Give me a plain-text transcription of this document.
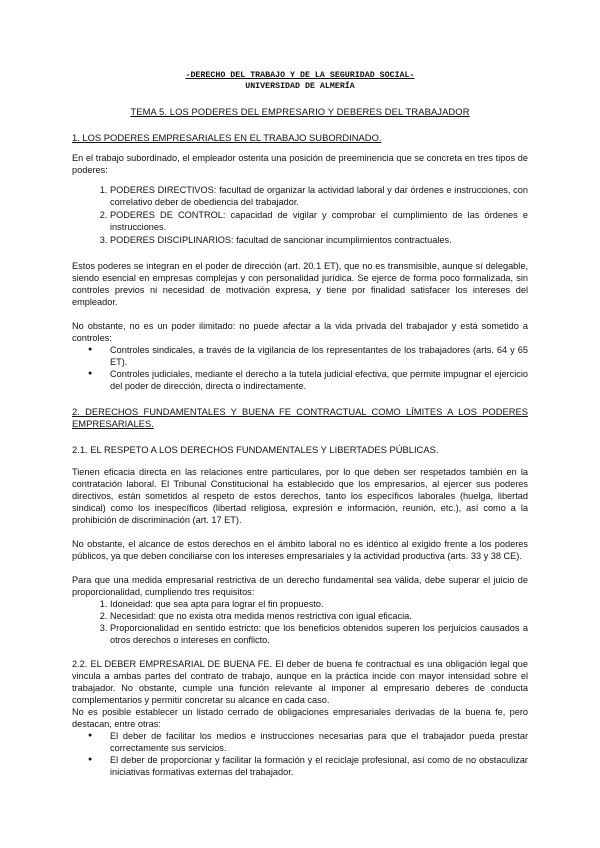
-DERECHO DEL TRABAJO Y DE LA SEGURIDAD SOCIAL-
UNIVERSIDAD DE ALMERÍA
TEMA 5. LOS PODERES DEL EMPRESARIO Y DEBERES DEL TRABAJADOR
1. LOS PODERES EMPRESARIALES EN EL TRABAJO SUBORDINADO.

En el trabajo subordinado, el empleador ostenta una posición de preeminencia que se concreta en tres tipos de poderes:

1. PODERES DIRECTIVOS: facultad de organizar la actividad laboral y dar órdenes e instrucciones, con correlativo deber de obediencia del trabajador.
2. PODERES DE CONTROL: capacidad de vigilar y comprobar el cumplimiento de las órdenes e instrucciones.
3. PODERES DISCIPLINARIOS: facultad de sancionar incumplimientos contractuales.

Estos poderes se integran en el poder de dirección (art. 20.1 ET), que no es transmisible, aunque sí delegable, siendo esencial en empresas complejas y con personalidad jurídica. Se ejerce de forma poco formalizada, sin controles previos ni necesidad de motivación expresa, y tiene por finalidad satisfacer los intereses del empleador.

No obstante, no es un poder ilimitado: no puede afectar a la vida privada del trabajador y está sometido a controles:

● Controles sindicales, a través de la vigilancia de los representantes de los trabajadores (arts. 64 y 65 ET).
● Controles judiciales, mediante el derecho a la tutela judicial efectiva, que permite impugnar el ejercicio del poder de dirección, directa o indirectamente.
2. DERECHOS FUNDAMENTALES Y BUENA FE CONTRACTUAL COMO LÍMITES A LOS PODERES EMPRESARIALES.
2.1. EL RESPETO A LOS DERECHOS FUNDAMENTALES Y LIBERTADES PÚBLICAS.

Tienen eficacia directa en las relaciones entre particulares, por lo que deben ser respetados también en la contratación laboral. El Tribunal Constitucional ha establecido que los empresarios, al ejercer sus poderes directivos, están sometidos al respeto de estos derechos, tanto los específicos laborales (huelga, libertad sindical) como los inespecíficos (libertad religiosa, expresión e información, reunión, etc.), así como a la prohibición de discriminación (art. 17 ET).

No obstante, el alcance de estos derechos en el ámbito laboral no es idéntico al exigido frente a los poderes públicos, ya que deben conciliarse con los intereses empresariales y la actividad productiva (arts. 33 y 38 CE).

Para que una medida empresarial restrictiva de un derecho fundamental sea válida, debe superar el juicio de proporcionalidad, cumpliendo tres requisitos:

1. Idoneidad: que sea apta para lograr el fin propuesto.
2. Necesidad: que no exista otra medida menos restrictiva con igual eficacia.
3. Proporcionalidad en sentido estricto: que los beneficios obtenidos superen los perjuicios causados a otros derechos o intereses en conflicto.

2.2. EL DEBER EMPRESARIAL DE BUENA FE. El deber de buena fe contractual es una obligación legal que vincula a ambas partes del contrato de trabajo, aunque en la práctica incide con mayor intensidad sobre el trabajador. No obstante, cumple una función relevante al imponer al empresario deberes de conducta complementarios y permitir concretar su alcance en cada caso.

No es posible establecer un listado cerrado de obligaciones empresariales derivadas de la buena fe, pero destacan, entre otras:

● El deber de facilitar los medios e instrucciones necesarias para que el trabajador pueda prestar correctamente sus servicios.
● El deber de proporcionar y facilitar la formación y el reciclaje profesional, así como de no obstaculizar iniciativas formativas externas del trabajador.
